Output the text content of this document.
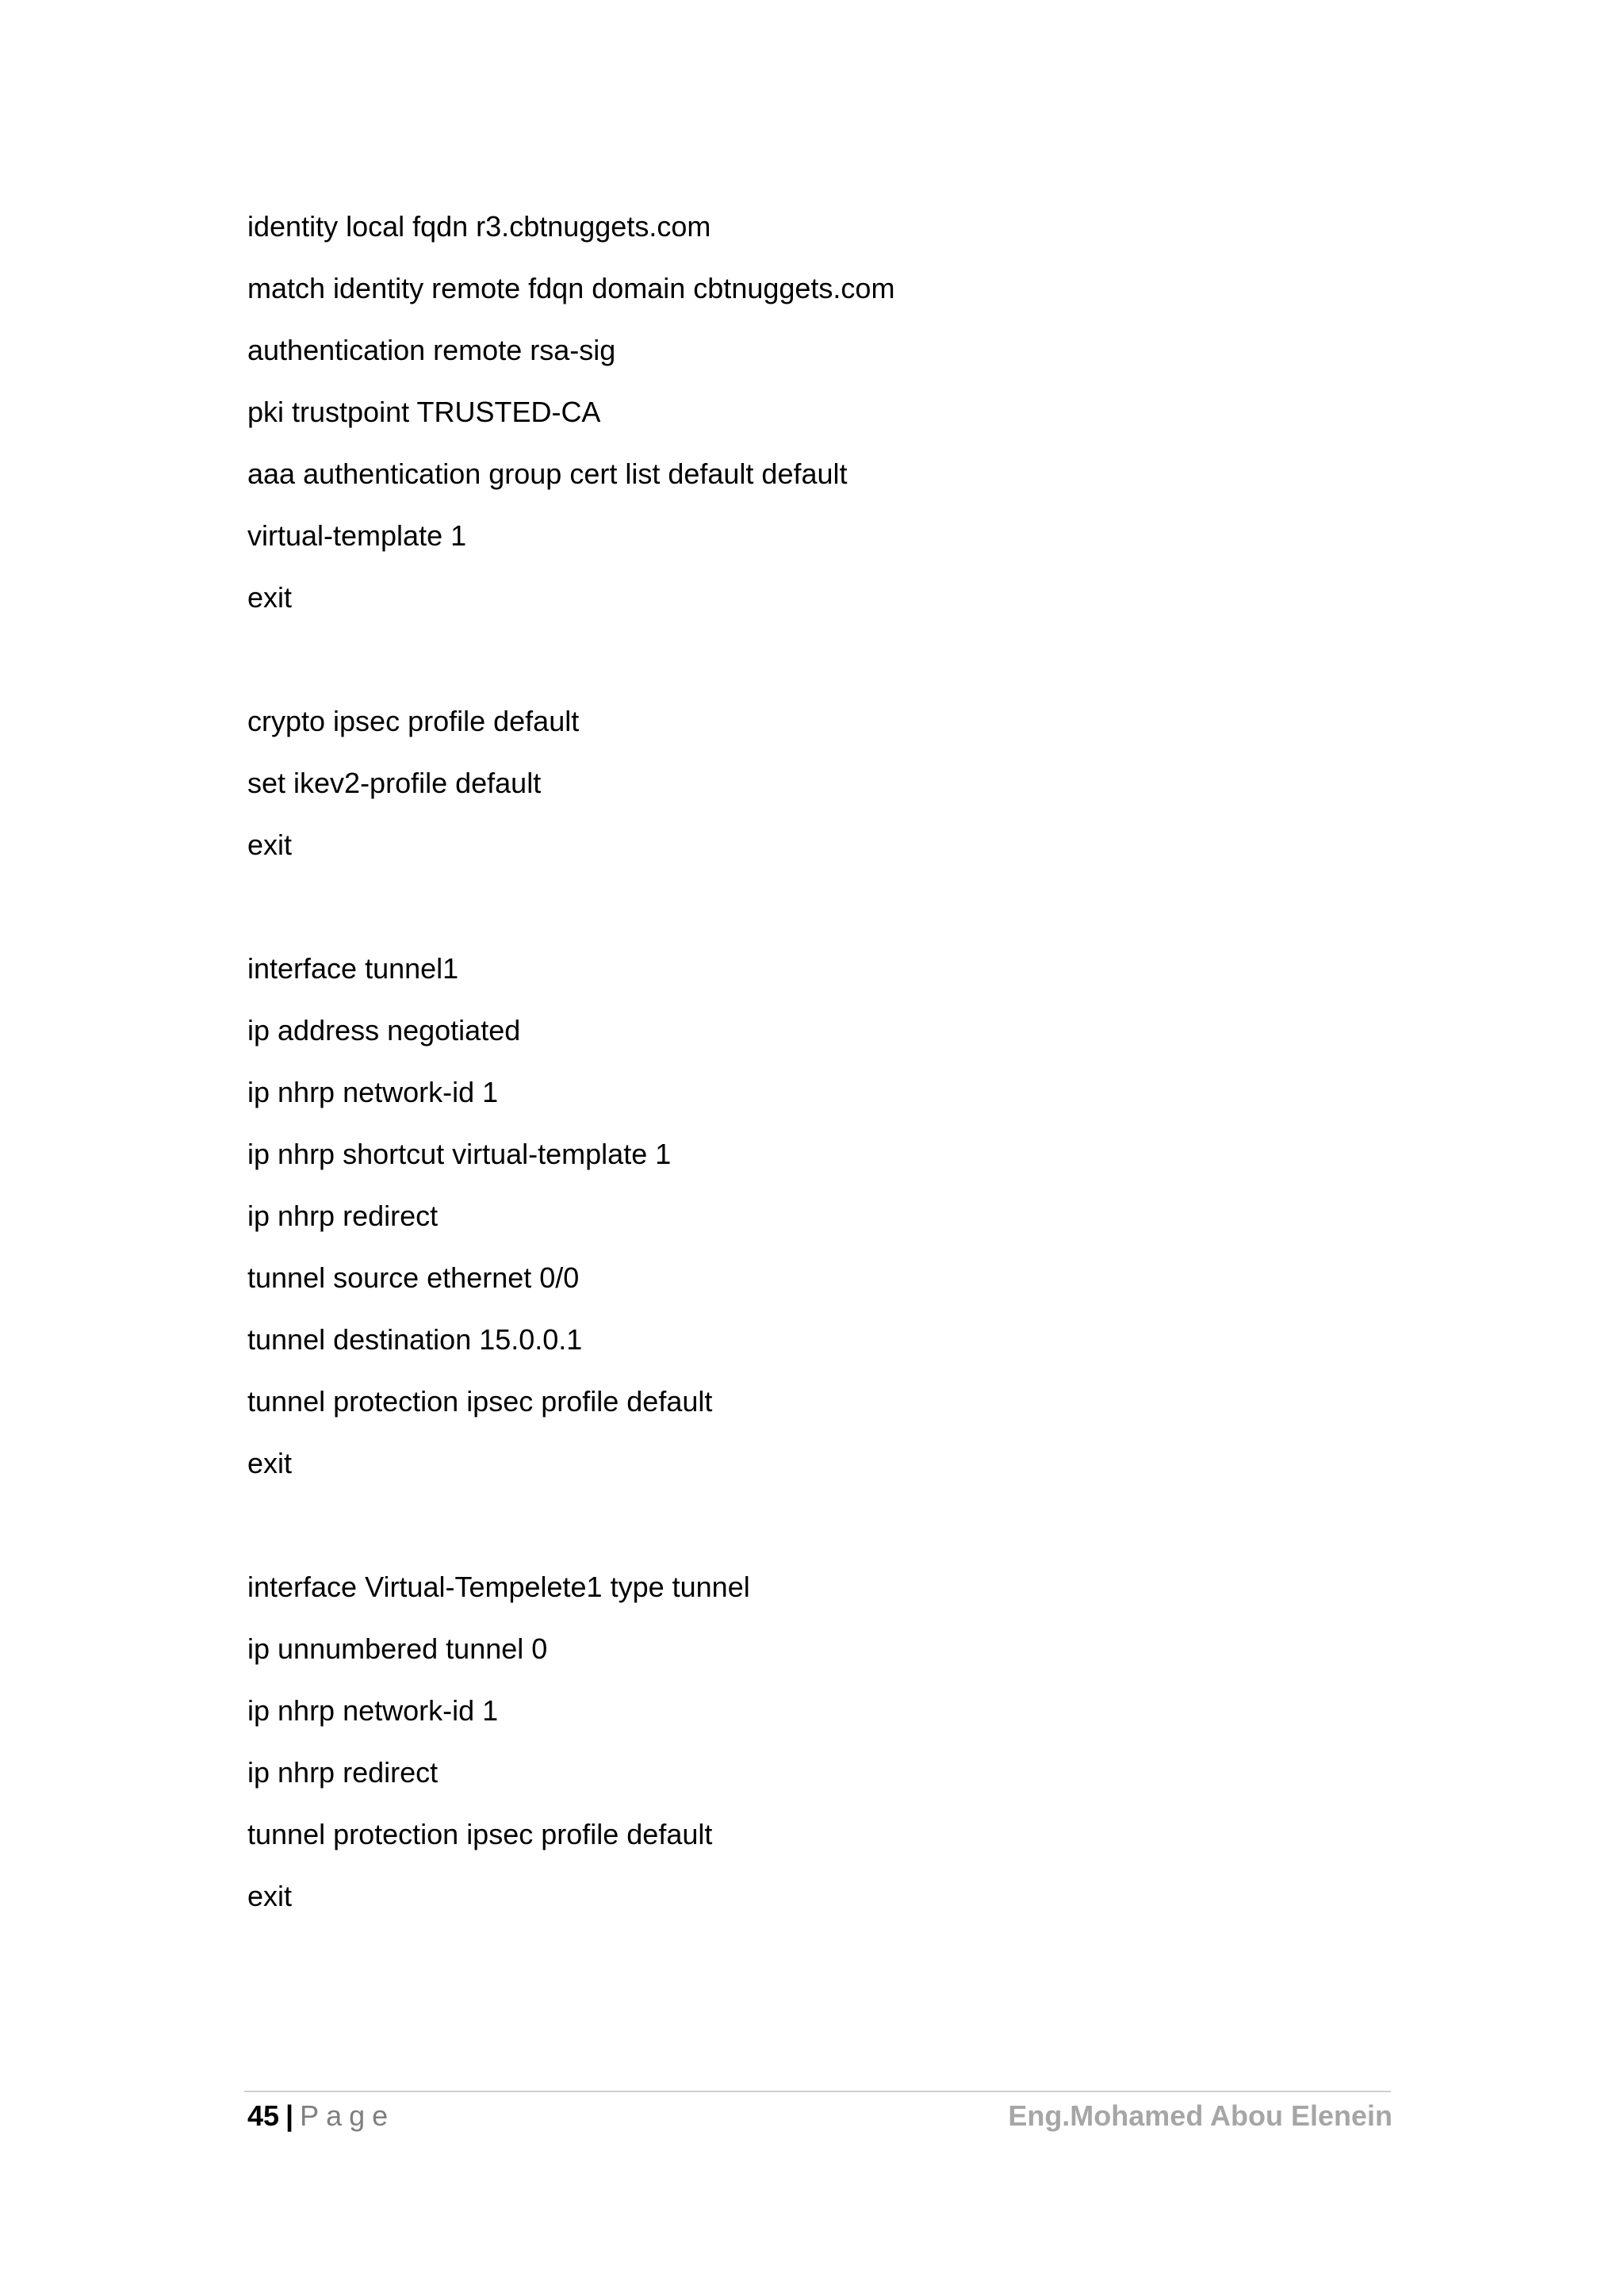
identity local fqdn r3.cbtnuggets.com
match identity remote fdqn domain cbtnuggets.com
authentication remote rsa-sig
pki trustpoint TRUSTED-CA
aaa authentication group cert list default default
virtual-template 1
exit
crypto ipsec profile default
set ikev2-profile default
exit
interface tunnel1
ip address negotiated
ip nhrp network-id 1
ip nhrp shortcut virtual-template 1
ip nhrp redirect
tunnel source ethernet 0/0
tunnel destination 15.0.0.1
tunnel protection ipsec profile default
exit
interface Virtual-Tempelete1 type tunnel
ip unnumbered tunnel 0
ip nhrp network-id 1
ip nhrp redirect
tunnel protection ipsec profile default
exit
45 | Page	Eng.Mohamed Abou Elenein
